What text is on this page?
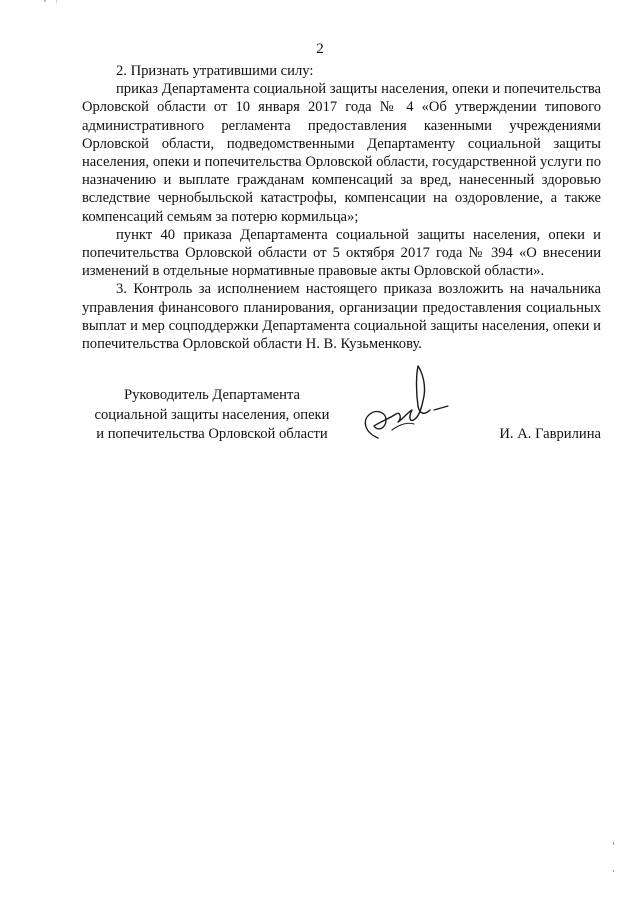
2

2. Признать утратившими силу:

приказ Департамента социальной защиты населения, опеки и попечительства Орловской области от 10 января 2017 года № 4 «Об утверждении типового административного регламента предоставления казенными учреждениями Орловской области, подведомственными Департаменту социальной защиты населения, опеки и попечительства Орловской области, государственной услуги по назначению и выплате гражданам компенсаций за вред, нанесенный здоровью вследствие чернобыльской катастрофы, компенсации на оздоровление, а также компенсаций семьям за потерю кормильца»;

пункт 40 приказа Департамента социальной защиты населения, опеки и попечительства Орловской области от 5 октября 2017 года № 394 «О внесении изменений в отдельные нормативные правовые акты Орловской области».

3. Контроль за исполнением настоящего приказа возложить на начальника управления финансового планирования, организации предоставления социальных выплат и мер соцподдержки Департамента социальной защиты населения, опеки и попечительства Орловской области Н. В. Кузьменкову.

Руководитель Департамента
социальной защиты населения, опеки
и попечительства Орловской области	И. А. Гаврилина
